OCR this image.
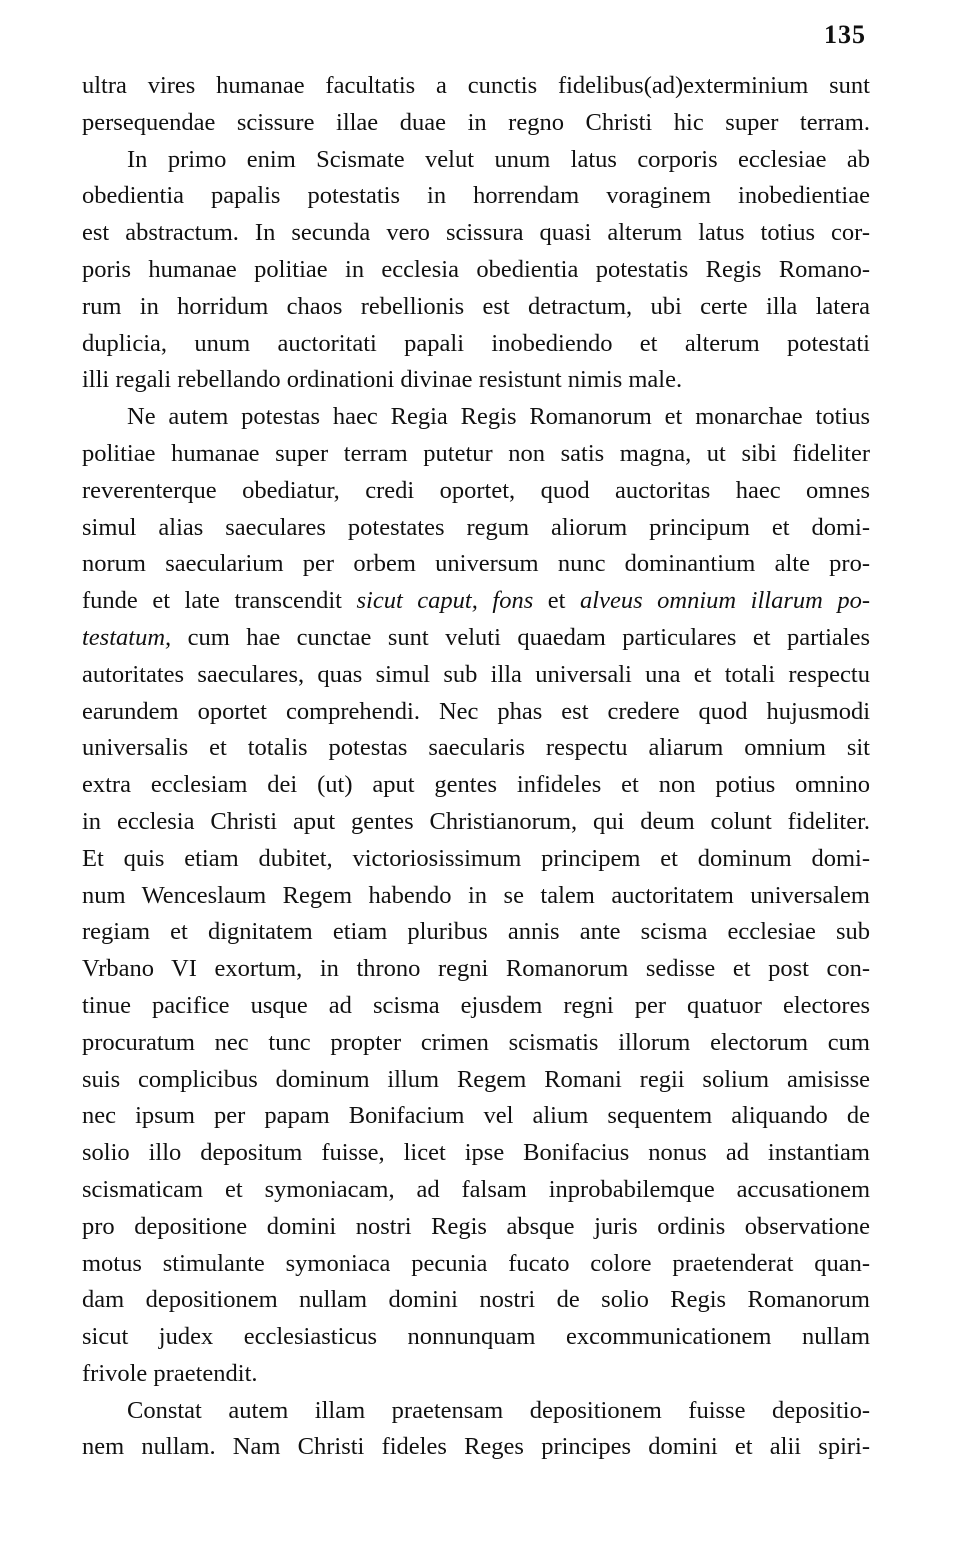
135
ultra vires humanae facultatis a cunctis fidelibus(ad)exterminium sunt
persequendae scissure illae duae in regno Christi hic super terram.
In primo enim Scismate velut unum latus corporis ecclesiae ab
obedientia papalis potestatis in horrendam voraginem inobedientiae
est abstractum. In secunda vero scissura quasi alterum latus totius cor-
poris humanae politiae in ecclesia obedientia potestatis Regis Romano-
rum in horridum chaos rebellionis est detractum, ubi certe illa latera
duplicia, unum auctoritati papali inobediendo et alterum potestati
illi regali rebellando ordinationi divinae resistunt nimis male.
Ne autem potestas haec Regia Regis Romanorum et monarchae totius
politiae humanae super terram putetur non satis magna, ut sibi fideliter
reverenterque obediatur, credi oportet, quod auctoritas haec omnes
simul alias saeculares potestates regum aliorum principum et domi-
norum saecularium per orbem universum nunc dominantium alte pro-
funde et late transcendit sicut caput, fons et alveus omnium illarum po-
testatum, cum hae cunctae sunt veluti quaedam particulares et partiales
autoritates saeculares, quas simul sub illa universali una et totali respectu
earundem oportet comprehendi. Nec phas est credere quod hujusmodi
universalis et totalis potestas saecularis respectu aliarum omnium sit
extra ecclesiam dei (ut) aput gentes infideles et non potius omnino
in ecclesia Christi aput gentes Christianorum, qui deum colunt fideliter.
Et quis etiam dubitet, victoriosissimum principem et dominum domi-
num Wenceslaum Regem habendo in se talem auctoritatem universalem
regiam et dignitatem etiam pluribus annis ante scisma ecclesiae sub
Vrbano VI exortum, in throno regni Romanorum sedisse et post con-
tinue pacifice usque ad scisma ejusdem regni per quatuor electores
procuratum nec tunc propter crimen scismatis illorum electorum cum
suis complicibus dominum illum Regem Romani regii solium amisisse
nec ipsum per papam Bonifacium vel alium sequentem aliquando de
solio illo depositum fuisse, licet ipse Bonifacius nonus ad instantiam
scismaticam et symoniacam, ad falsam inprobabilemque accusationem
pro depositione domini nostri Regis absque juris ordinis observatione
motus stimulante symoniaca pecunia fucato colore praetenderat quan-
dam depositionem nullam domini nostri de solio Regis Romanorum
sicut judex ecclesiasticus nonnunquam excommunicationem nullam
frivole praetendit.
Constat autem illam praetensam depositionem fuisse depositio-
nem nullam. Nam Christi fideles Reges principes domini et alii spiri-
